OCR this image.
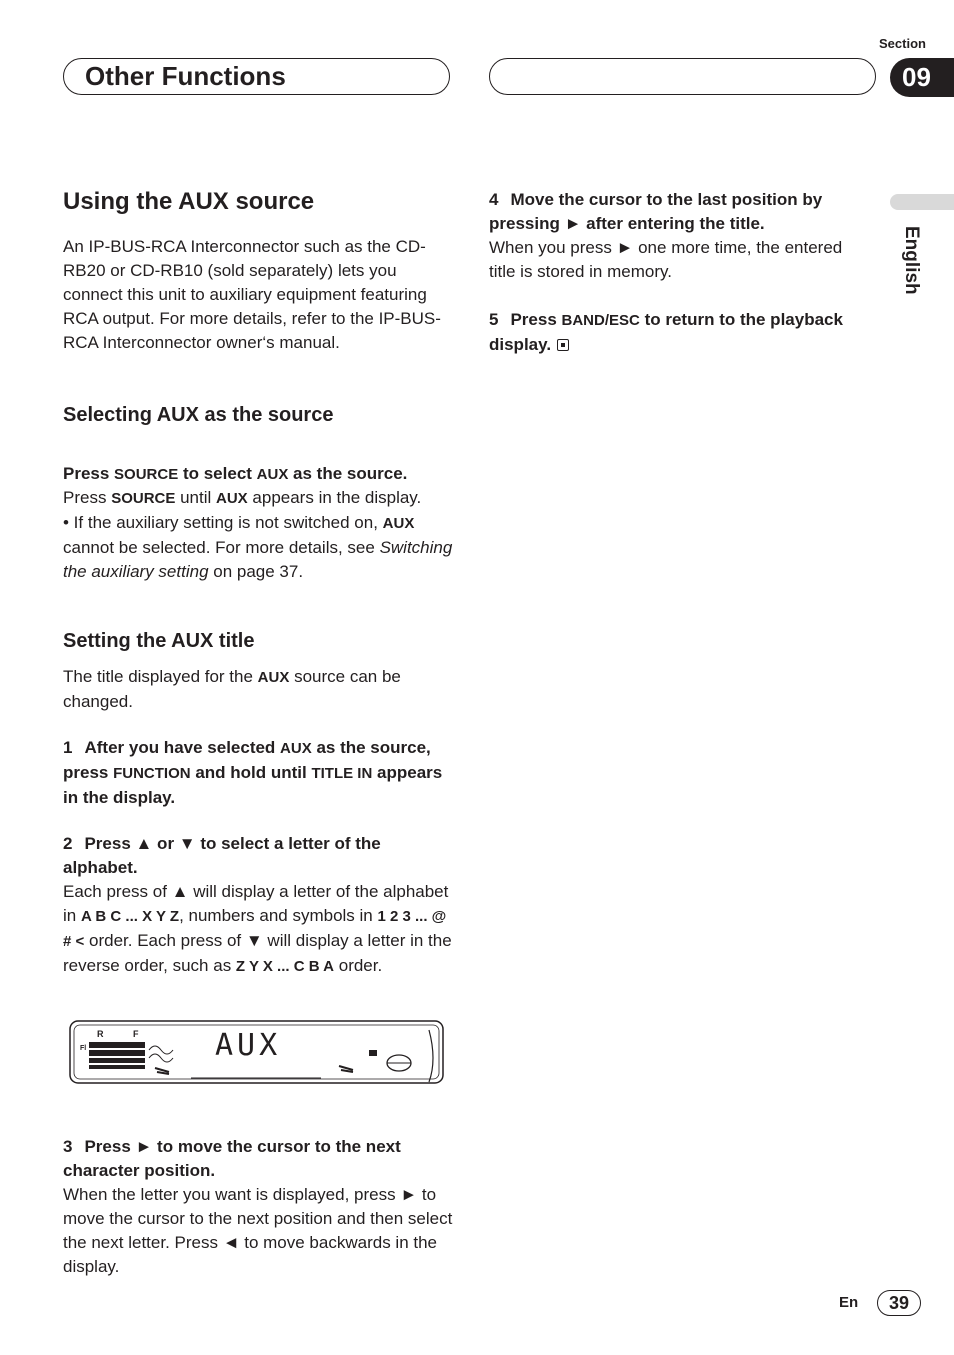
Section
Other Functions	09
English
Using the AUX source
An IP-BUS-RCA Interconnector such as the CD-RB20 or CD-RB10 (sold separately) lets you connect this unit to auxiliary equipment featuring RCA output. For more details, refer to the IP-BUS-RCA Interconnector owner‘s manual.
Selecting AUX as the source
Press SOURCE to select AUX as the source.
Press SOURCE until AUX appears in the display.
• If the auxiliary setting is not switched on, AUX cannot be selected. For more details, see Switching the auxiliary setting on page 37.
Setting the AUX title
The title displayed for the AUX source can be changed.
1 After you have selected AUX as the source, press FUNCTION and hold until TITLE IN appears in the display.
2 Press ▲ or ▼ to select a letter of the alphabet.
Each press of ▲ will display a letter of the alphabet in A B C ... X Y Z, numbers and symbols in 1 2 3 ... @ # < order. Each press of ▼ will display a letter in the reverse order, such as Z Y X ... C B A order.
R	F
Fl	AUX
3 Press ► to move the cursor to the next character position.
When the letter you want is displayed, press ► to move the cursor to the next position and then select the next letter. Press ◄ to move backwards in the display.
4 Move the cursor to the last position by pressing ► after entering the title.
When you press ► one more time, the entered title is stored in memory.
5 Press BAND/ESC to return to the playback display.
En	39
